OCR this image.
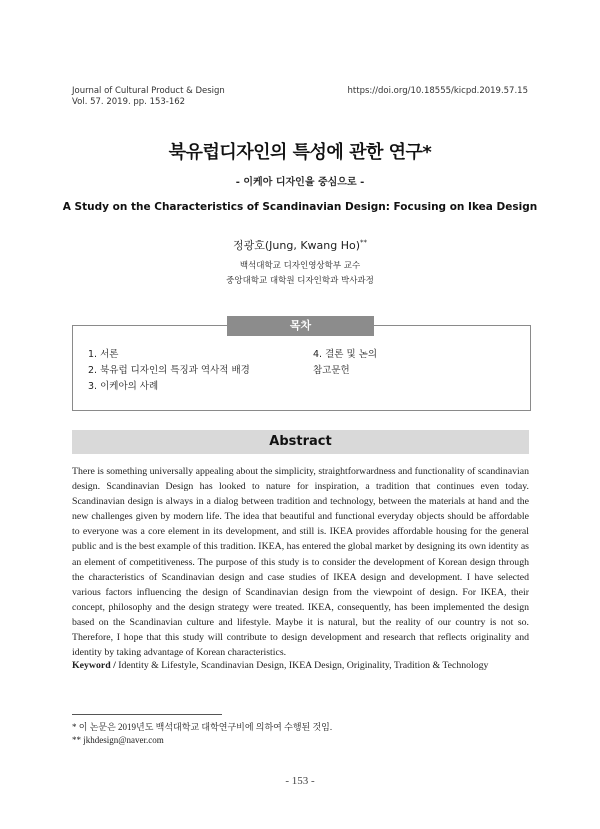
Journal of Cultural Product & Design
Vol. 57. 2019. pp. 153-162
https://doi.org/10.18555/kicpd.2019.57.15
북유럽디자인의 특성에 관한 연구*
- 이케아 디자인을 중심으로 -
A Study on the Characteristics of Scandinavian Design: Focusing on Ikea Design
정광호(Jung, Kwang Ho)**
백석대학교 디자인영상학부 교수
중앙대학교 대학원 디자인학과 박사과정
목차
1. 서론
2. 북유럽 디자인의 특징과 역사적 배경
3. 이케아의 사례
4. 결론 및 논의
참고문헌
Abstract
There is something universally appealing about the simplicity, straightforwardness and functionality of scandinavian design. Scandinavian Design has looked to nature for inspiration, a tradition that continues even today. Scandinavian design is always in a dialog between tradition and technology, between the materials at hand and the new challenges given by modern life. The idea that beautiful and functional everyday objects should be affordable to everyone was a core element in its development, and still is. IKEA provides affordable housing for the general public and is the best example of this tradition. IKEA, has entered the global market by designing its own identity as an element of competitiveness. The purpose of this study is to consider the development of Korean design through the characteristics of Scandinavian design and case studies of IKEA design and development. I have selected various factors influencing the design of Scandinavian design from the viewpoint of design. For IKEA, their concept, philosophy and the design strategy were treated. IKEA, consequently, has been implemented the design based on the Scandinavian culture and lifestyle. Maybe it is natural, but the reality of our country is not so. Therefore, I hope that this study will contribute to design development and research that reflects originality and identity by taking advantage of Korean characteristics.
Keyword / Identity & Lifestyle, Scandinavian Design, IKEA Design, Originality, Tradition & Technology
* 이 논문은 2019년도 백석대학교 대학연구비에 의하여 수행된 것임.
** jkhdesign@naver.com
- 153 -
